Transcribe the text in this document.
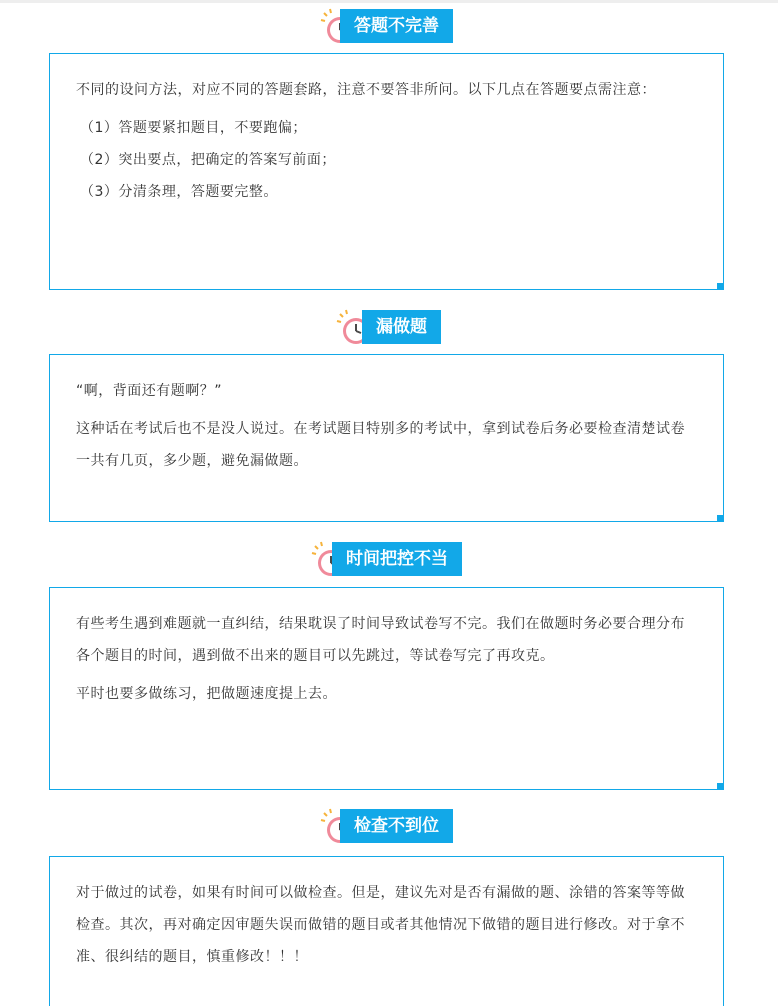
答题不完善

不同的设问方法，对应不同的答题套路，注意不要答非所问。以下几点在答题要点需注意：

（1）答题要紧扣题目，不要跑偏；
（2）突出要点，把确定的答案写前面；
（3）分清条理，答题要完整。
漏做题

“啊，背面还有题啊？”

这种话在考试后也不是没人说过。在考试题目特别多的考试中，拿到试卷后务必要检查清楚试卷一共有几页，多少题，避免漏做题。

时间把控不当

有些考生遇到难题就一直纠结，结果耽误了时间导致试卷写不完。我们在做题时务必要合理分布各个题目的时间，遇到做不出来的题目可以先跳过，等试卷写完了再攻克。

平时也要多做练习，把做题速度提上去。

检查不到位

对于做过的试卷，如果有时间可以做检查。但是，建议先对是否有漏做的题、涂错的答案等等做检查。其次，再对确定因审题失误而做错的题目或者其他情况下做错的题目进行修改。对于拿不准、很纠结的题目，慎重修改！！！
